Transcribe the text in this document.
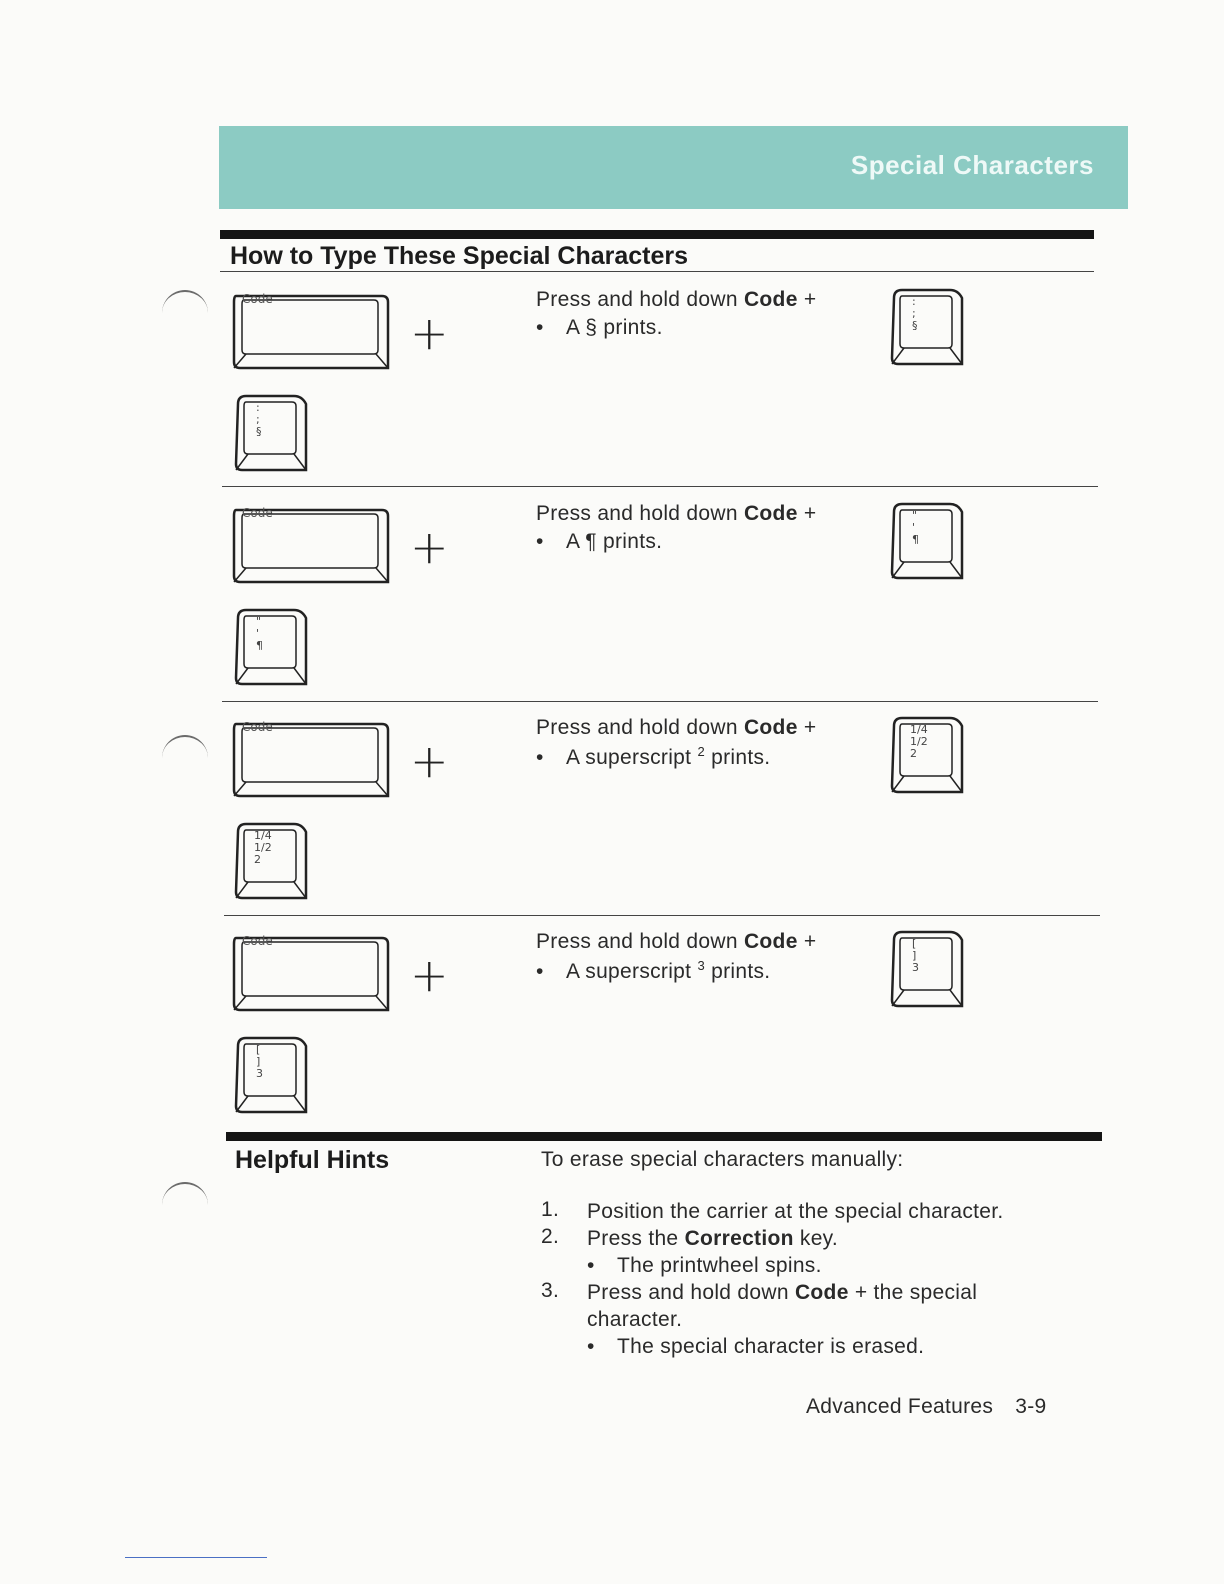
Special Characters
How to Type These Special Characters
Code
+
:
;
§

Press and hold down Code +

• A § prints.

:
;
§
Code
+
"
'
¶

Press and hold down Code +

• A ¶ prints.

"
'
¶
Code
+
1/4
1/2
2

Press and hold down Code +

• A superscript $^2$ prints.

1/4
1/2
2
Code
+
[
]
3

Press and hold down Code +

• A superscript $^3$ prints.

[
]
3
Helpful Hints	To erase special characters manually:

1. Position the carrier at the special character.
2. Press the Correction key.
• The printwheel spins.
3. Press and hold down Code + the special character.
• The special character is erased.

Advanced Features 3-9
